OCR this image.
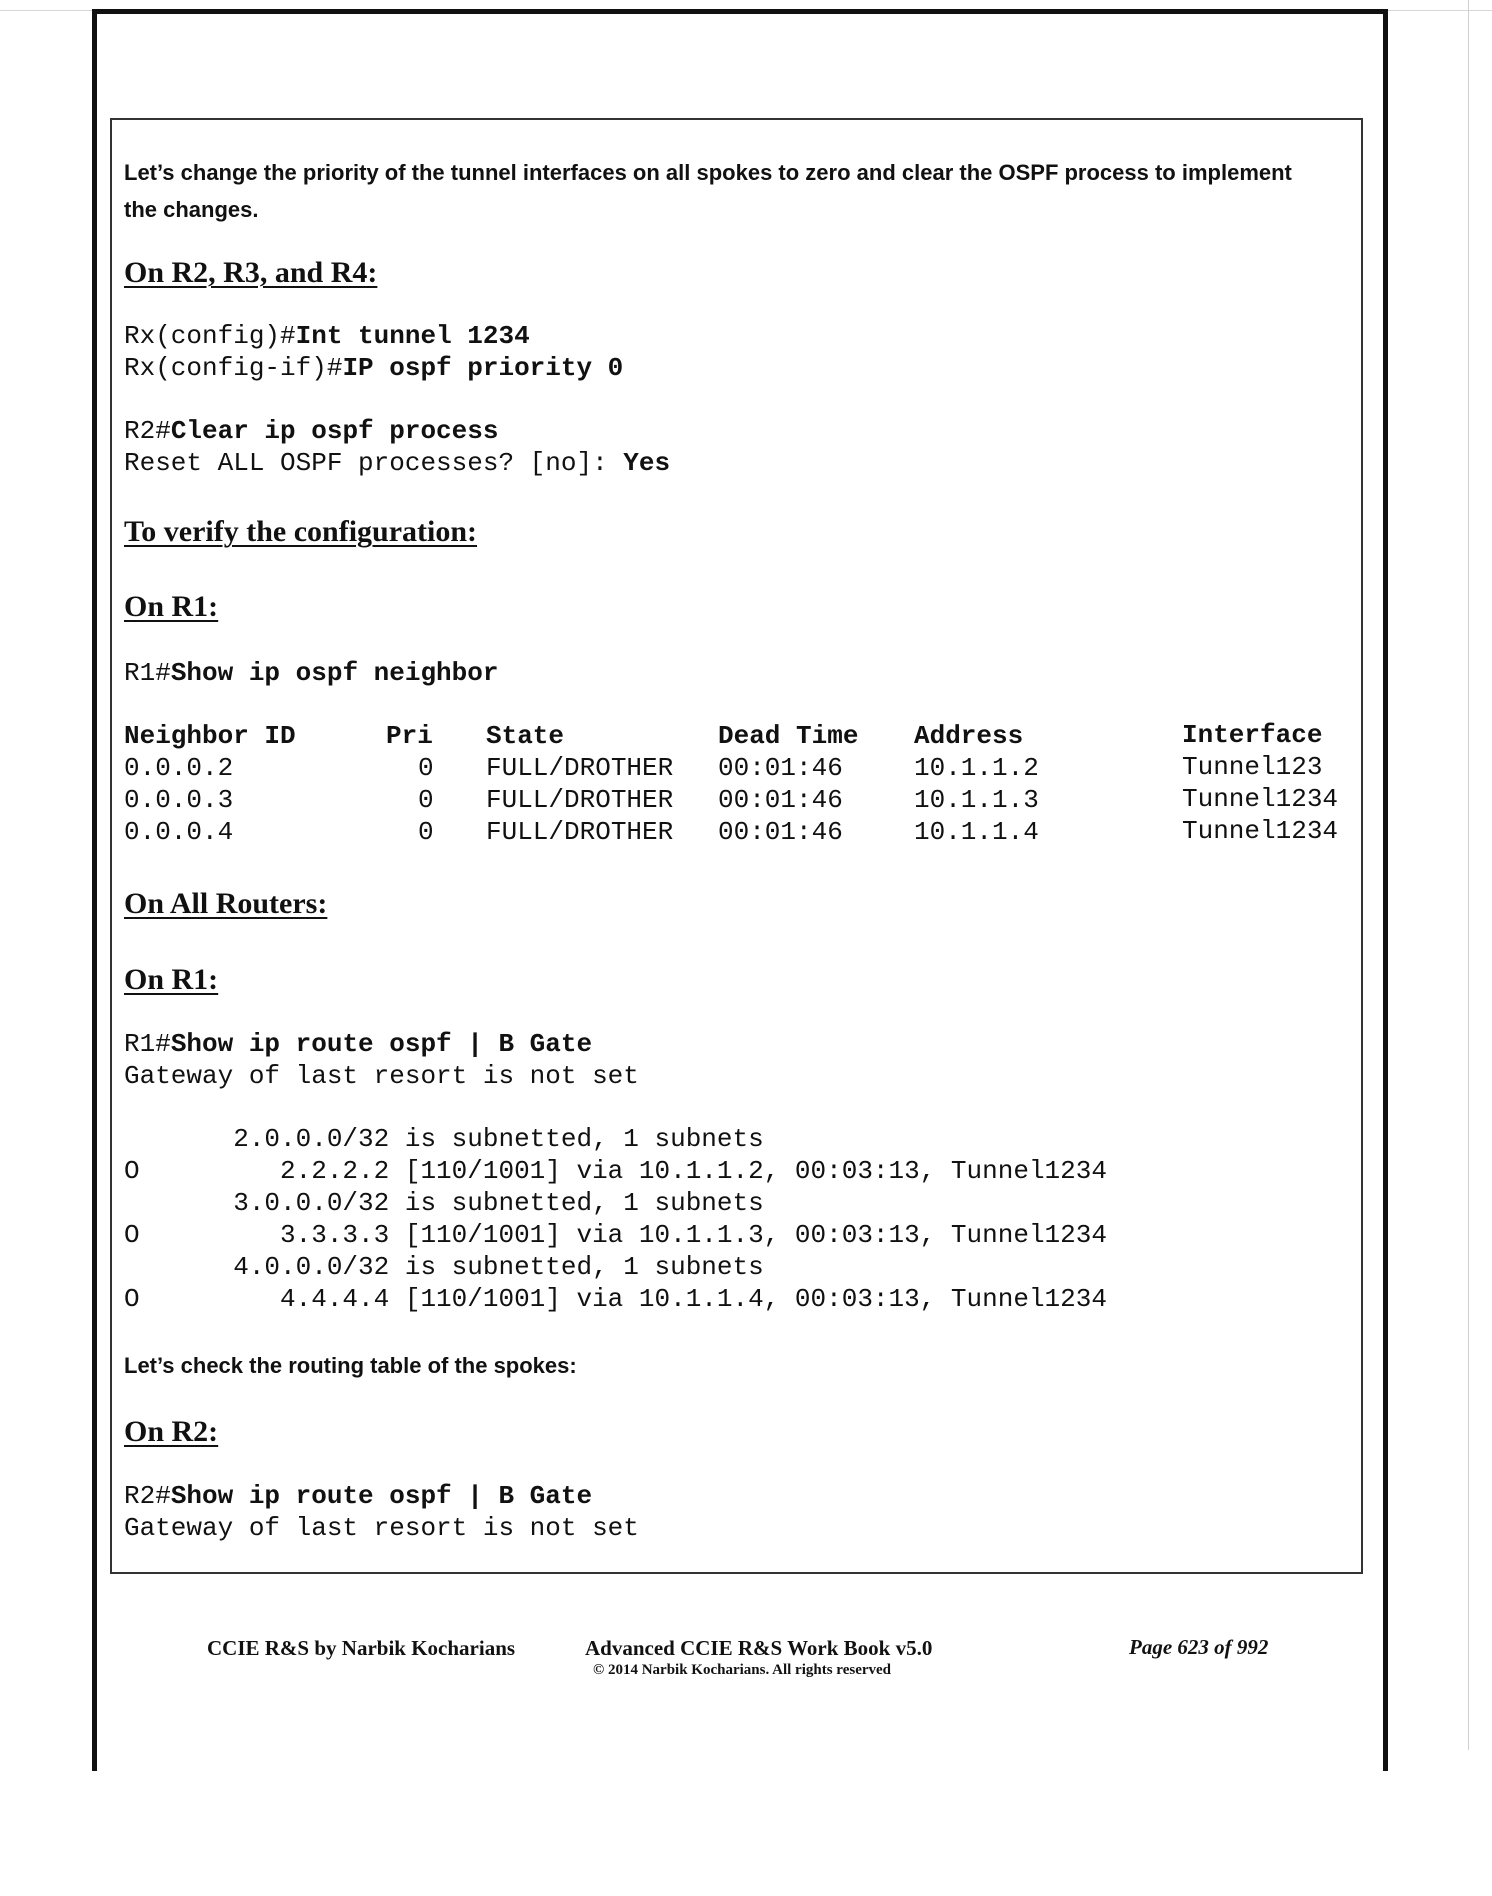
Let’s change the priority of the tunnel interfaces on all spokes to zero and clear the OSPF process to implement the changes.
On R2, R3, and R4:
Rx(config)#Int tunnel 1234
Rx(config-if)#IP ospf priority 0
R2#Clear ip ospf process
Reset ALL OSPF processes? [no]: Yes
To verify the configuration:
On R1:
R1#Show ip ospf neighbor
Neighbor ID	Pri State	Dead Time Address	Interface
0.0.0.2	0 FULL/DROTHER 00:01:46	10.1.1.2	Tunnel123
0.0.0.3	0 FULL/DROTHER 00:01:46	10.1.1.3	Tunnel1234
0.0.0.4	0 FULL/DROTHER 00:01:46	10.1.1.4	Tunnel1234
On All Routers:
On R1:
R1#Show ip route ospf | B Gate
Gateway of last resort is not set
2.0.0.0/32 is subnetted, 1 subnets
O         2.2.2.2 [110/1001] via 10.1.1.2, 00:03:13, Tunnel1234
3.0.0.0/32 is subnetted, 1 subnets
O         3.3.3.3 [110/1001] via 10.1.1.3, 00:03:13, Tunnel1234
4.0.0.0/32 is subnetted, 1 subnets
O         4.4.4.4 [110/1001] via 10.1.1.4, 00:03:13, Tunnel1234
Let’s check the routing table of the spokes:
On R2:
R2#Show ip route ospf | B Gate
Gateway of last resort is not set
CCIE R&S by Narbik Kocharians	Advanced CCIE R&S Work Book v5.0
© 2014 Narbik Kocharians. All rights reserved
Page 623 of 992
